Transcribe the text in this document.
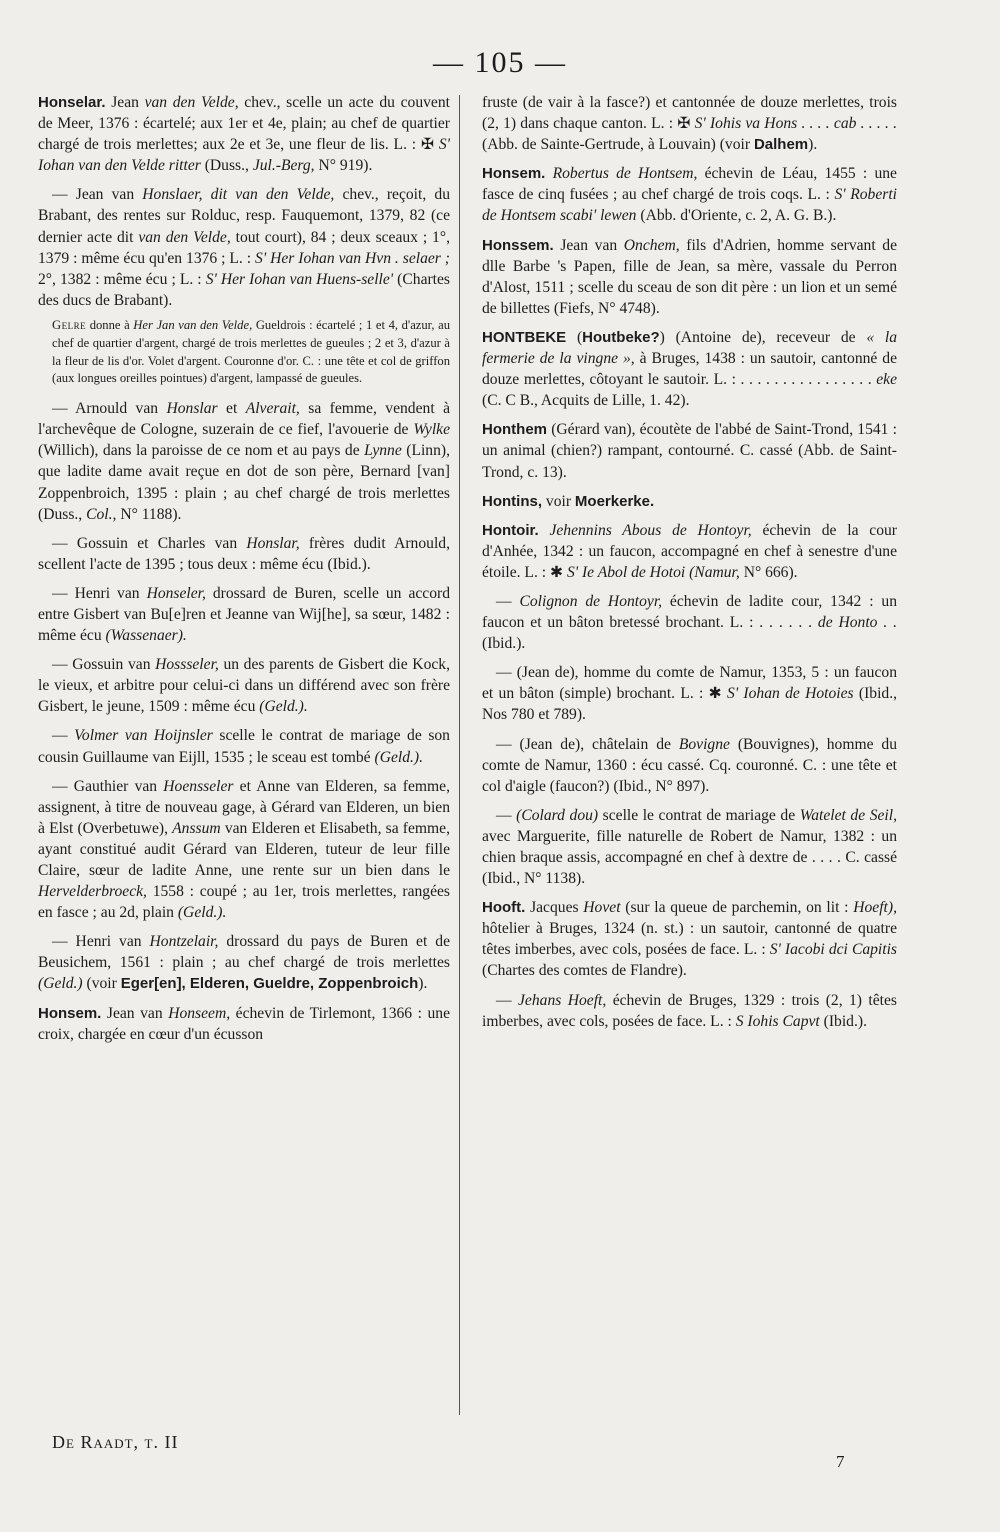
— 105 —

Honselar. Jean van den Velde, chev., scelle un acte du couvent de Meer, 1376 : écartelé; aux 1er et 4e, plain; au chef de quartier chargé de trois merlettes; aux 2e et 3e, une fleur de lis. L. : ✠ S' Iohan van den Velde ritter (Duss., Jul.-Berg, N° 919).

— Jean van Honslaer, dit van den Velde, chev., reçoit, du Brabant, des rentes sur Rolduc, resp. Fauquemont, 1379, 82 (ce dernier acte dit van den Velde, tout court), 84 ; deux sceaux ; 1°, 1379 : même écu qu'en 1376 ; L. : S' Her Iohan van Hvn . selaer ; 2°, 1382 : même écu ; L. : S' Her Iohan van Huens-selle' (Chartes des ducs de Brabant).

Gelre donne à Her Jan van den Velde, Gueldrois : écartelé ; 1 et 4, d'azur, au chef de quartier d'argent, chargé de trois merlettes de gueules ; 2 et 3, d'azur à la fleur de lis d'or. Volet d'argent. Couronne d'or. C. : une tête et col de griffon (aux longues oreilles pointues) d'argent, lampassé de gueules.

— Arnould van Honslar et Alverait, sa femme, vendent à l'archevêque de Cologne, suzerain de ce fief, l'avouerie de Wylke (Willich), dans la paroisse de ce nom et au pays de Lynne (Linn), que ladite dame avait reçue en dot de son père, Bernard [van] Zoppenbroich, 1395 : plain ; au chef chargé de trois merlettes (Duss., Col., N° 1188).

— Gossuin et Charles van Honslar, frères dudit Arnould, scellent l'acte de 1395 ; tous deux : même écu (Ibid.).

— Henri van Honseler, drossard de Buren, scelle un accord entre Gisbert van Bu[e]ren et Jeanne van Wij[he], sa sœur, 1482 : même écu (Wassenaer).

— Gossuin van Hossseler, un des parents de Gisbert die Kock, le vieux, et arbitre pour celui-ci dans un différend avec son frère Gisbert, le jeune, 1509 : même écu (Geld.).

— Volmer van Hoijnsler scelle le contrat de mariage de son cousin Guillaume van Eijll, 1535 ; le sceau est tombé (Geld.).

— Gauthier van Hoensseler et Anne van Elderen, sa femme, assignent, à titre de nouveau gage, à Gérard van Elderen, un bien à Elst (Overbetuwe), Anssum van Elderen et Elisabeth, sa femme, ayant constitué audit Gérard van Elderen, tuteur de leur fille Claire, sœur de ladite Anne, une rente sur un bien dans le Hervelderbroeck, 1558 : coupé ; au 1er, trois merlettes, rangées en fasce ; au 2d, plain (Geld.).

— Henri van Hontzelair, drossard du pays de Buren et de Beusichem, 1561 : plain ; au chef chargé de trois merlettes (Geld.) (voir Eger[en], Elderen, Gueldre, Zoppenbroich).

Honsem. Jean van Honseem, échevin de Tirlemont, 1366 : une croix, chargée en cœur d'un écusson

fruste (de vair à la fasce?) et cantonnée de douze merlettes, trois (2, 1) dans chaque canton. L. : ✠ S' Iohis va Hons . . . . cab . . . . . (Abb. de Sainte-Gertrude, à Louvain) (voir Dalhem).

Honsem. Robertus de Hontsem, échevin de Léau, 1455 : une fasce de cinq fusées ; au chef chargé de trois coqs. L. : S' Roberti de Hontsem scabi' lewen (Abb. d'Oriente, c. 2, A. G. B.).

Honssem. Jean van Onchem, fils d'Adrien, homme servant de dlle Barbe 's Papen, fille de Jean, sa mère, vassale du Perron d'Alost, 1511 ; scelle du sceau de son dit père : un lion et un semé de billettes (Fiefs, N° 4748).

HONTBEKE (Houtbeke?) (Antoine de), receveur de « la fermerie de la vingne », à Bruges, 1438 : un sautoir, cantonné de douze merlettes, côtoyant le sautoir. L. : . . . . . . . . . . . . . . . . eke (C. C B., Acquits de Lille, 1. 42).

Honthem (Gérard van), écoutète de l'abbé de Saint-Trond, 1541 : un animal (chien?) rampant, contourné. C. cassé (Abb. de Saint-Trond, c. 13).

Hontins, voir Moerkerke.

Hontoir. Jehennins Abous de Hontoyr, échevin de la cour d'Anhée, 1342 : un faucon, accompagné en chef à senestre d'une étoile. L. : ✱ S' Ie Abol de Hotoi (Namur, N° 666).

— Colignon de Hontoyr, échevin de ladite cour, 1342 : un faucon et un bâton bretessé brochant. L. : . . . . . . de Honto . . (Ibid.).

— (Jean de), homme du comte de Namur, 1353, 5 : un faucon et un bâton (simple) brochant. L. : ✱ S' Iohan de Hotoies (Ibid., Nos 780 et 789).

— (Jean de), châtelain de Bovigne (Bouvignes), homme du comte de Namur, 1360 : écu cassé. Cq. couronné. C. : une tête et col d'aigle (faucon?) (Ibid., N° 897).

— (Colard dou) scelle le contrat de mariage de Watelet de Seil, avec Marguerite, fille naturelle de Robert de Namur, 1382 : un chien braque assis, accompagné en chef à dextre de . . . . C. cassé (Ibid., N° 1138).

Hooft. Jacques Hovet (sur la queue de parchemin, on lit : Hoeft), hôtelier à Bruges, 1324 (n. st.) : un sautoir, cantonné de quatre têtes imberbes, avec cols, posées de face. L. : S' Iacobi dci Capitis (Chartes des comtes de Flandre).

— Jehans Hoeft, échevin de Bruges, 1329 : trois (2, 1) têtes imberbes, avec cols, posées de face. L. : S Iohis Capvt (Ibid.).

De Raadt, t. II
7
